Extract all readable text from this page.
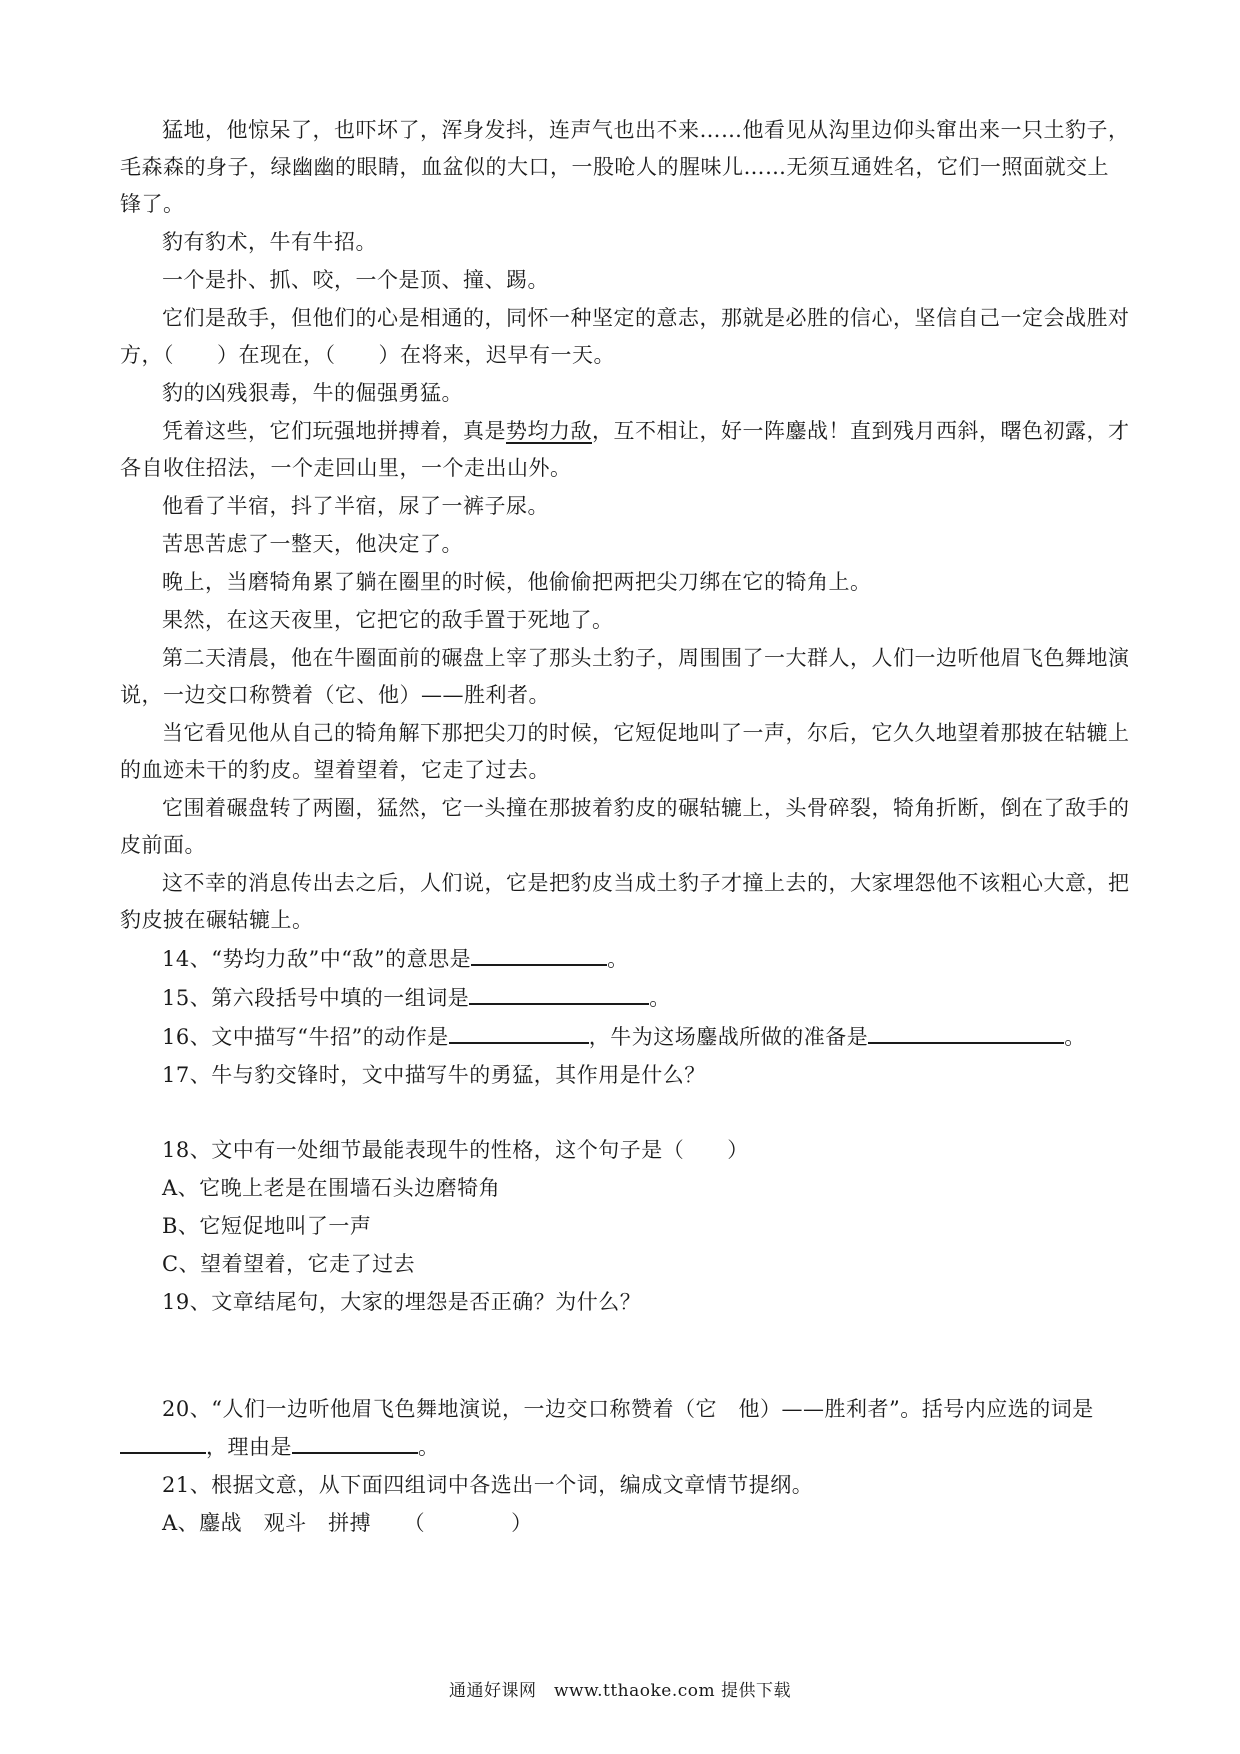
猛地，他惊呆了，也吓坏了，浑身发抖，连声气也出不来……他看见从沟里边仰头窜出来一只土豹子，毛森森的身子，绿幽幽的眼睛，血盆似的大口，一股呛人的腥味儿……无须互通姓名，它们一照面就交上锋了。

豹有豹术，牛有牛招。

一个是扑、抓、咬，一个是顶、撞、踢。

它们是敌手，但他们的心是相通的，同怀一种坚定的意志，那就是必胜的信心，坚信自己一定会战胜对方，（　　）在现在，（　　）在将来，迟早有一天。

豹的凶残狠毒，牛的倔强勇猛。

凭着这些，它们玩强地拼搏着，真是势均力敌，互不相让，好一阵鏖战！直到残月西斜，曙色初露，才各自收住招法，一个走回山里，一个走出山外。

他看了半宿，抖了半宿，尿了一裤子尿。

苦思苦虑了一整天，他决定了。

晚上，当磨犄角累了躺在圈里的时候，他偷偷把两把尖刀绑在它的犄角上。

果然，在这天夜里，它把它的敌手置于死地了。

第二天清晨，他在牛圈面前的碾盘上宰了那头土豹子，周围围了一大群人，人们一边听他眉飞色舞地演说，一边交口称赞着（它、他）——胜利者。

当它看见他从自己的犄角解下那把尖刀的时候，它短促地叫了一声，尔后，它久久地望着那披在轱辘上的血迹未干的豹皮。望着望着，它走了过去。

它围着碾盘转了两圈，猛然，它一头撞在那披着豹皮的碾轱辘上，头骨碎裂，犄角折断，倒在了敌手的皮前面。

这不幸的消息传出去之后，人们说，它是把豹皮当成土豹子才撞上去的，大家埋怨他不该粗心大意，把豹皮披在碾轱辘上。

14、“势均力敌”中“敌”的意思是	。

15、第六段括号中填的一组词是	。

16、文中描写“牛招”的动作是	，牛为这场鏖战所做的准备是	。

17、牛与豹交锋时，文中描写牛的勇猛，其作用是什么？

18、文中有一处细节最能表现牛的性格，这个句子是（　　）

A、它晚上老是在围墙石头边磨犄角

B、它短促地叫了一声

C、望着望着，它走了过去

19、文章结尾句，大家的埋怨是否正确？为什么？

20、“人们一边听他眉飞色舞地演说，一边交口称赞着（它　他）——胜利者”。括号内应选的词是，理由是	。

21、根据文意，从下面四组词中各选出一个词，编成文章情节提纲。

A、鏖战　观斗　拼搏　　（　　　　）

通通好课网　www.tthaoke.com 提供下载
